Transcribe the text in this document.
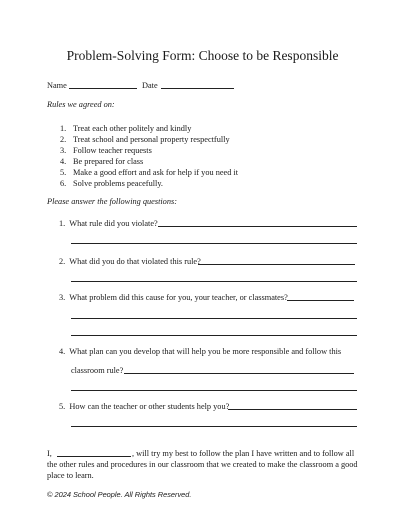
Problem-Solving Form: Choose to be Responsible
Name	Date
Rules we agreed on:
1. Treat each other politely and kindly
2. Treat school and personal property respectfully
3. Follow teacher requests
4. Be prepared for class
5. Make a good effort and ask for help if you need it
6. Solve problems peacefully.
Please answer the following questions:
1. What rule did you violate?
2. What did you do that violated this rule?
3. What problem did this cause for you, your teacher, or classmates?
4. What plan can you develop that will help you be more responsible and follow this
classroom rule?
5. How can the teacher or other students help you?
I,	, will try my best to follow the plan I have written and to follow all
the other rules and procedures in our classroom that we created to make the classroom a good
place to learn.
© 2024 School People. All Rights Reserved.
